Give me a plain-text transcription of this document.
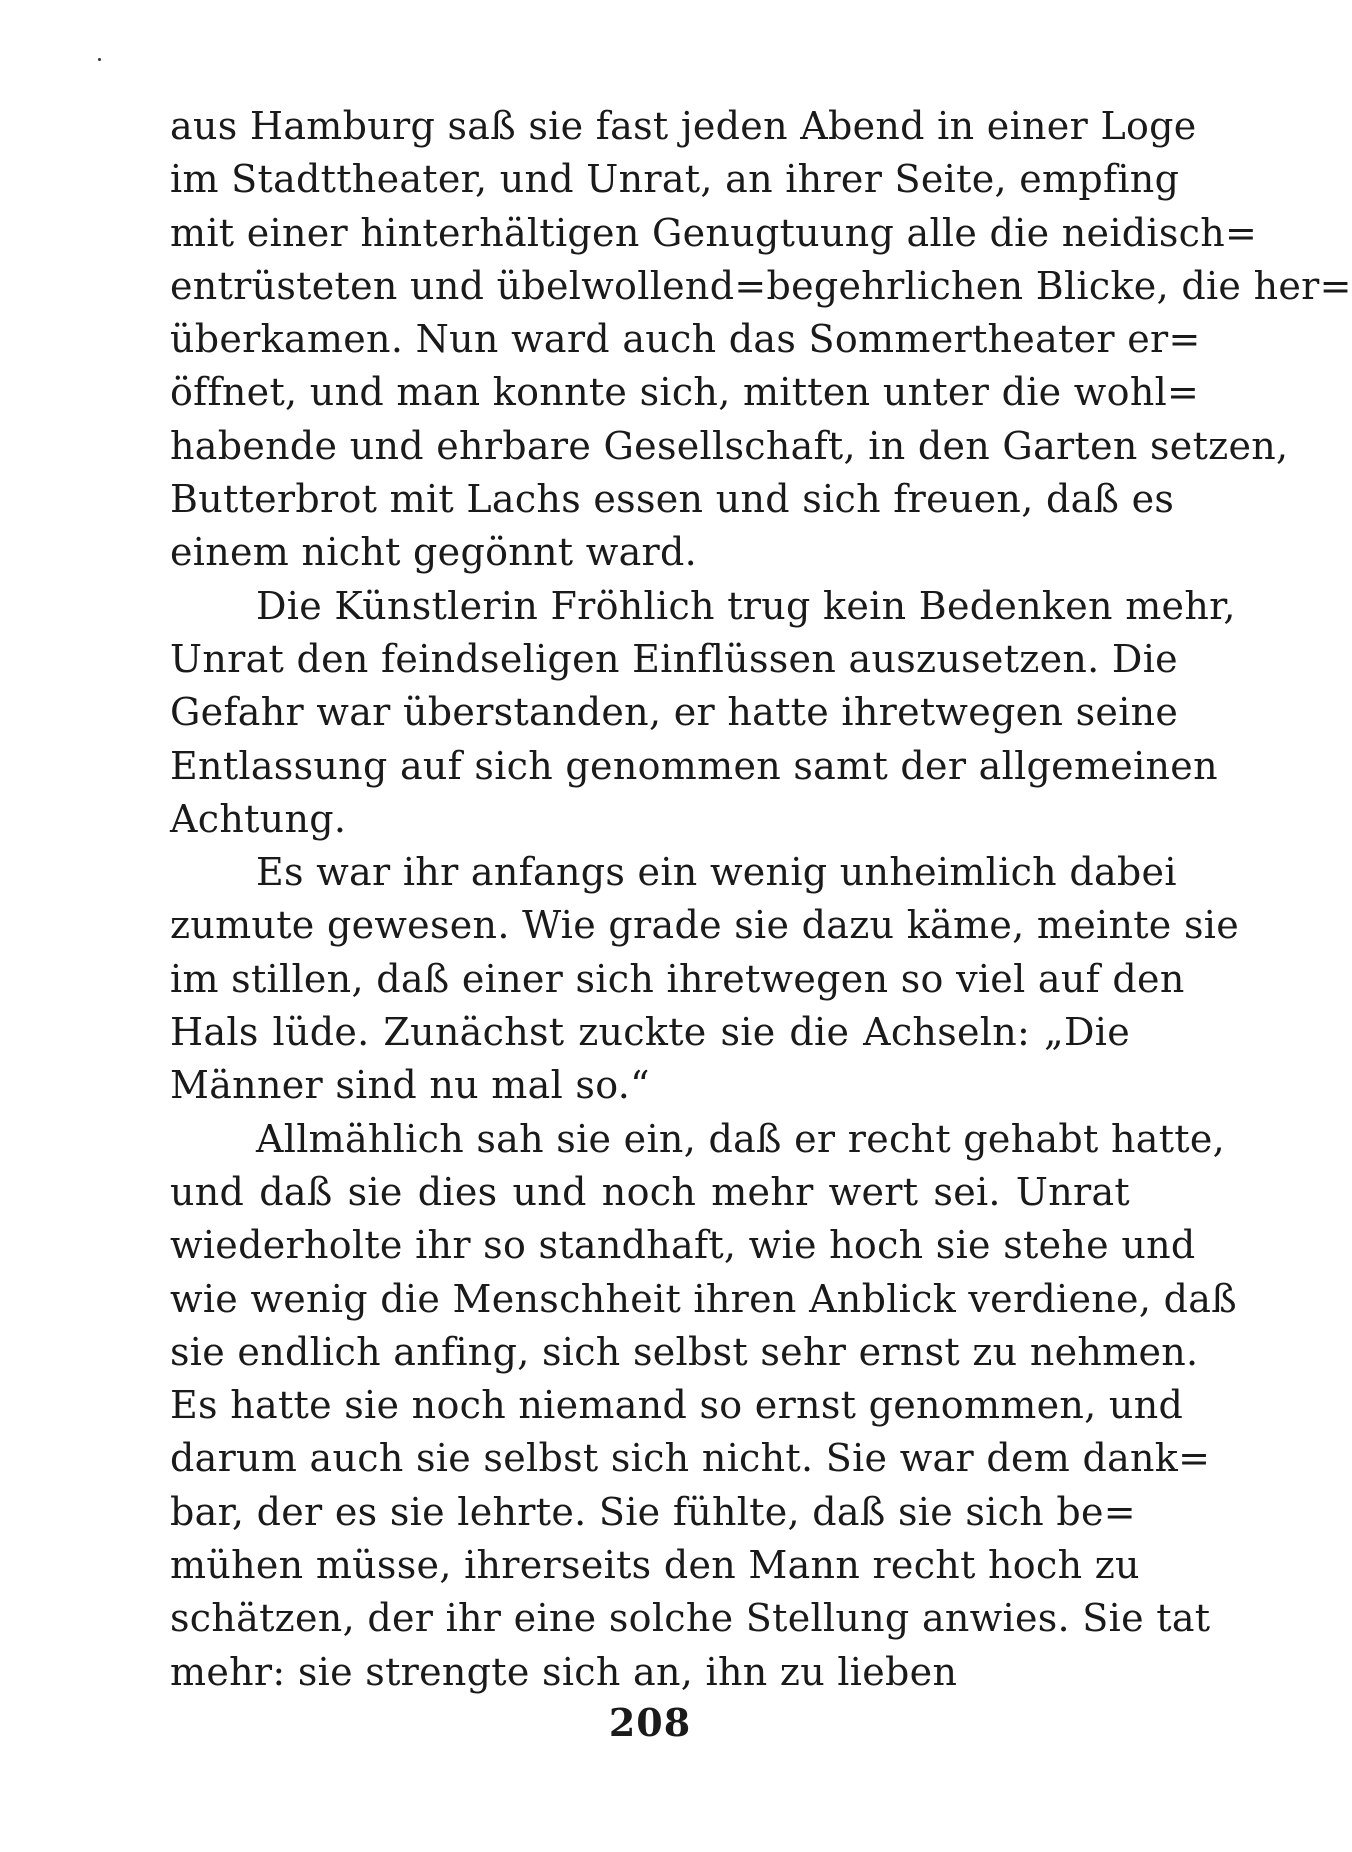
aus Hamburg saß sie fast jeden Abend in einer Loge
im Stadttheater, und Unrat, an ihrer Seite, empfing
mit einer hinterhältigen Genugtuung alle die neidisch=
entrüsteten und übelwollend=begehrlichen Blicke, die her=
überkamen. Nun ward auch das Sommertheater er=
öffnet, und man konnte sich, mitten unter die wohl=
habende und ehrbare Gesellschaft, in den Garten setzen,
Butterbrot mit Lachs essen und sich freuen, daß es
einem nicht gegönnt ward.
Die Künstlerin Fröhlich trug kein Bedenken mehr,
Unrat den feindseligen Einflüssen auszusetzen. Die
Gefahr war überstanden, er hatte ihretwegen seine
Entlassung auf sich genommen samt der allgemeinen
Achtung.
Es war ihr anfangs ein wenig unheimlich dabei
zumute gewesen. Wie grade sie dazu käme, meinte sie
im stillen, daß einer sich ihretwegen so viel auf den
Hals lüde. Zunächst zuckte sie die Achseln: „Die
Männer sind nu mal so.“
Allmählich sah sie ein, daß er recht gehabt hatte,
und daß sie dies und noch mehr wert sei. Unrat
wiederholte ihr so standhaft, wie hoch sie stehe und
wie wenig die Menschheit ihren Anblick verdiene, daß
sie endlich anfing, sich selbst sehr ernst zu nehmen.
Es hatte sie noch niemand so ernst genommen, und
darum auch sie selbst sich nicht. Sie war dem dank=
bar, der es sie lehrte. Sie fühlte, daß sie sich be=
mühen müsse, ihrerseits den Mann recht hoch zu
schätzen, der ihr eine solche Stellung anwies. Sie tat
mehr: sie strengte sich an, ihn zu lieben
208
